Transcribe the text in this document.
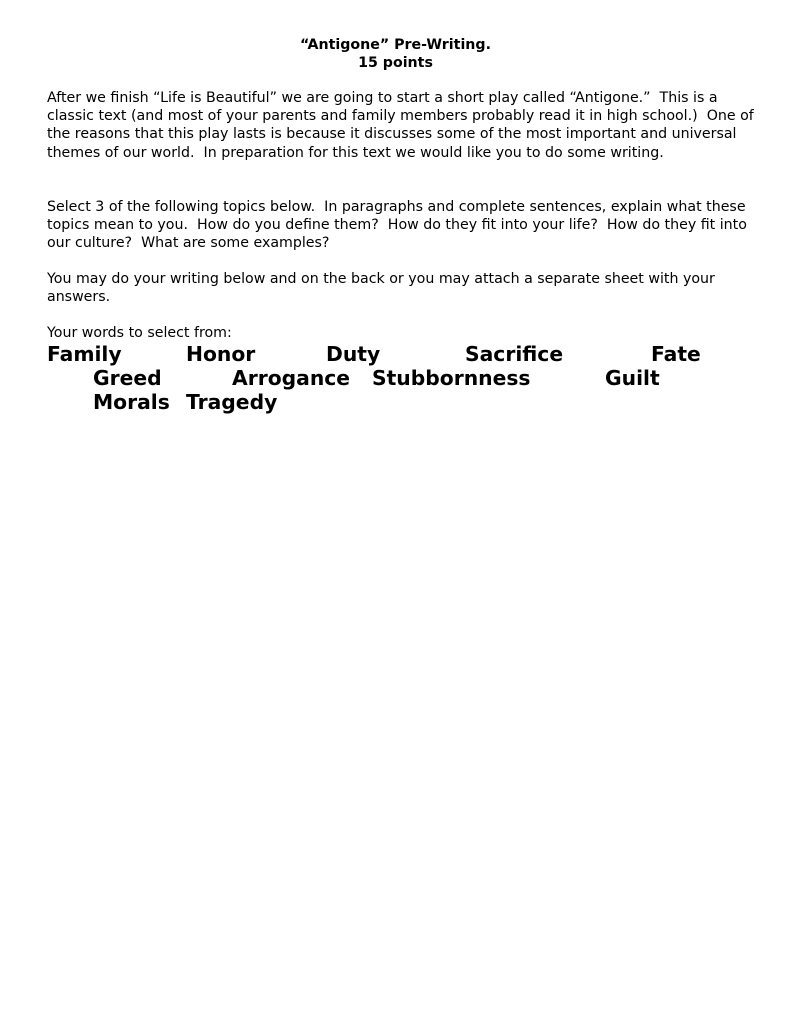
“Antigone” Pre-Writing.
15 points
After we finish “Life is Beautiful” we are going to start a short play called “Antigone.”  This is a classic text (and most of your parents and family members probably read it in high school.)  One of the reasons that this play lasts is because it discusses some of the most important and universal themes of our world.  In preparation for this text we would like you to do some writing.
Select 3 of the following topics below.  In paragraphs and complete sentences, explain what these topics mean to you.  How do you define them?  How do they fit into your life?  How do they fit into our culture?  What are some examples?
You may do your writing below and on the back or you may attach a separate sheet with your answers.
Your words to select from:
Family	Honor	Duty	Sacrifice	Fate
Greed	Arrogance Stubbornness	Guilt
Morals Tragedy
